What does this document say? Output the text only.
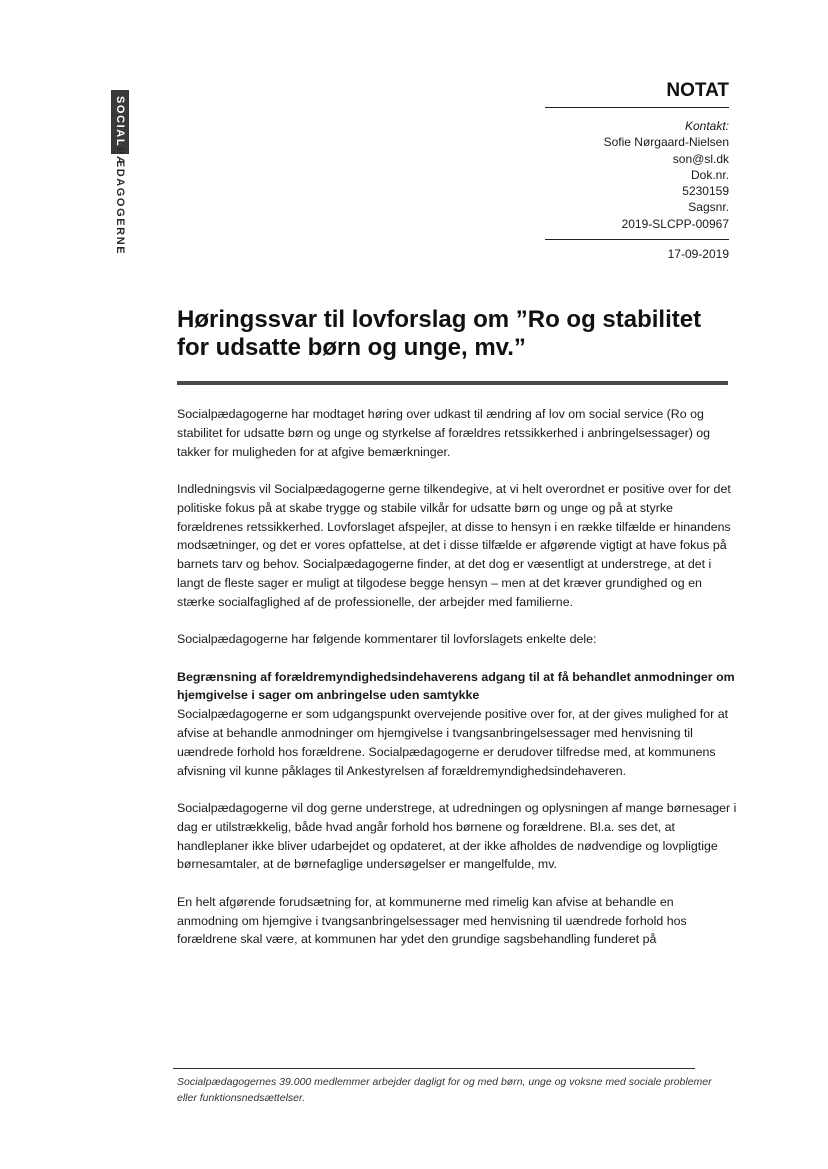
SOCIALPÆDAGOGERNE
NOTAT
Kontakt:
Sofie Nørgaard-Nielsen
son@sl.dk
Dok.nr.
5230159
Sagsnr.
2019-SLCPP-00967
17-09-2019
Høringssvar til lovforslag om ”Ro og stabilitet
for udsatte børn og unge, mv.”

Socialpædagogerne har modtaget høring over udkast til ændring af lov om social service (Ro og stabilitet for udsatte børn og unge og styrkelse af forældres retssikkerhed i anbringelsessager) og takker for muligheden for at afgive bemærkninger.

Indledningsvis vil Socialpædagogerne gerne tilkendegive, at vi helt overordnet er positive over for det politiske fokus på at skabe trygge og stabile vilkår for udsatte børn og unge og på at styrke forældrenes retssikkerhed. Lovforslaget afspejler, at disse to hensyn i en række tilfælde er hinandens modsætninger, og det er vores opfattelse, at det i disse tilfælde er afgørende vigtigt at have fokus på barnets tarv og behov. Socialpædagogerne finder, at det dog er væsentligt at understrege, at det i langt de fleste sager er muligt at tilgodese begge hensyn – men at det kræver grundighed og en stærke socialfaglighed af de professionelle, der arbejder med familierne.

Socialpædagogerne har følgende kommentarer til lovforslagets enkelte dele:

Begrænsning af forældremyndighedsindehaverens adgang til at få behandlet anmodninger om hjemgivelse i sager om anbringelse uden samtykke

Socialpædagogerne er som udgangspunkt overvejende positive over for, at der gives mulighed for at afvise at behandle anmodninger om hjemgivelse i tvangsanbringelsessager med henvisning til uændrede forhold hos forældrene. Socialpædagogerne er derudover tilfredse med, at kommunens afvisning vil kunne påklages til Ankestyrelsen af forældremyndighedsindehaveren.

Socialpædagogerne vil dog gerne understrege, at udredningen og oplysningen af mange børnesager i dag er utilstrækkelig, både hvad angår forhold hos børnene og forældrene. Bl.a. ses det, at handleplaner ikke bliver udarbejdet og opdateret, at der ikke afholdes de nødvendige og lovpligtige børnesamtaler, at de børnefaglige undersøgelser er mangelfulde, mv.

En helt afgørende forudsætning for, at kommunerne med rimelig kan afvise at behandle en anmodning om hjemgive i tvangsanbringelsessager med henvisning til uændrede forhold hos forældrene skal være, at kommunen har ydet den grundige sagsbehandling funderet på

Socialpædagogernes 39.000 medlemmer arbejder dagligt for og med børn, unge og voksne med sociale problemer eller funktionsnedsættelser.
